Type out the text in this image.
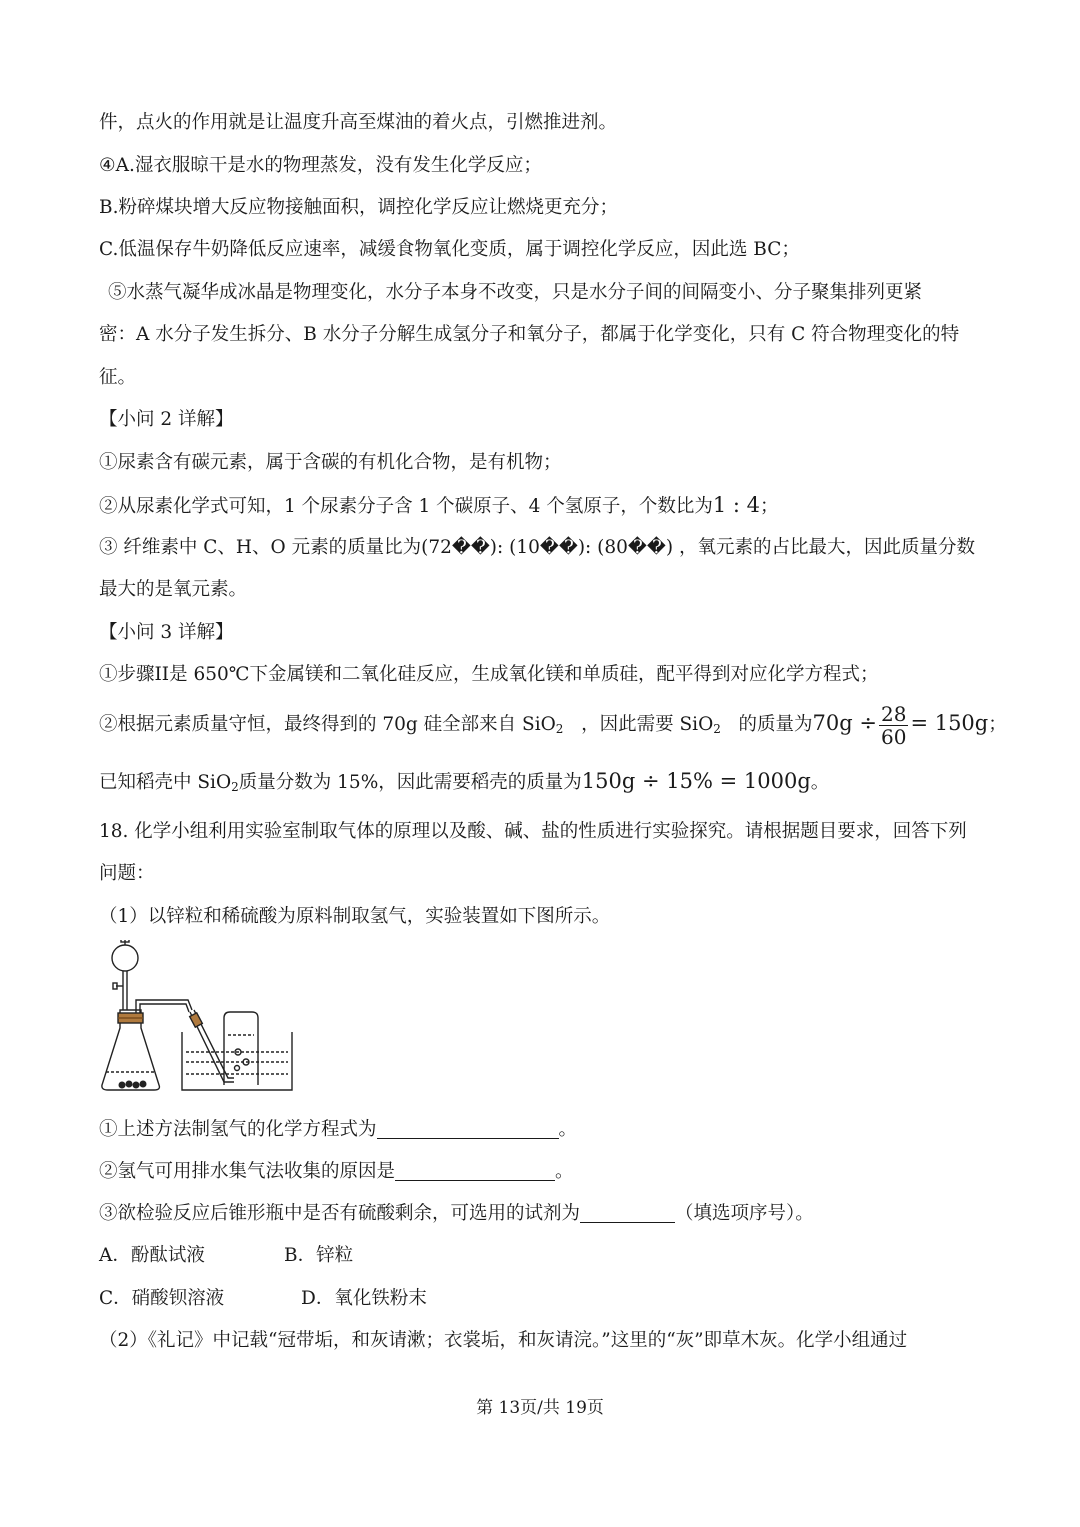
件，点火的作用就是让温度升高至煤油的着火点，引燃推进剂。
④A.湿衣服晾干是水的物理蒸发，没有发生化学反应；
B.粉碎煤块增大反应物接触面积，调控化学反应让燃烧更充分；
C.低温保存牛奶降低反应速率，减缓食物氧化变质，属于调控化学反应，因此选 BC；
⑤水蒸气凝华成冰晶是物理变化，水分子本身不改变，只是水分子间的间隔变小、分子聚集排列更紧
密：A 水分子发生拆分、B 水分子分解生成氢分子和氧分子，都属于化学变化，只有 C 符合物理变化的特
征。
【小问 2 详解】
①尿素含有碳元素，属于含碳的有机化合物，是有机物；
②从尿素化学式可知，1 个尿素分子含 1 个碳原子、4 个氢原子，个数比为1 : 4；
③ 纤维素中 C、H、O 元素的质量比为(72��): (10��): (80��) ，氧元素的占比最大，因此质量分数
最大的是氧元素。
【小问 3 详解】
①步骤II是 650℃下金属镁和二氧化硅反应，生成氧化镁和单质硅，配平得到对应化学方程式；
②根据元素质量守恒，最终得到的 70g 硅全部来自 SiO$_2$ ，因此需要 SiO$_2$ 的质量为$70g \div \frac{28}{60} = 150g$；
已知稻壳中 SiO$_2$质量分数为 15%，因此需要稻壳的质量为150g ÷ 15% = 1000g。
18. 化学小组利用实验室制取气体的原理以及酸、碱、盐的性质进行实验探究。请根据题目要求，回答下列
问题：
（1）以锌粒和稀硫酸为原料制取氢气，实验装置如下图所示。
①上述方法制氢气的化学方程式为	。
②氢气可用排水集气法收集的原因是	。
③欲检验反应后锥形瓶中是否有硫酸剩余，可选用的试剂为	（填选项序号）。
A．酚酞试液	B．锌粒
C．硝酸钡溶液	D．氧化铁粉末
（2）《礼记》中记载“冠带垢，和灰请漱；衣裳垢，和灰请浣。”这里的“灰”即草木灰。化学小组通过
第 13页/共 19页
